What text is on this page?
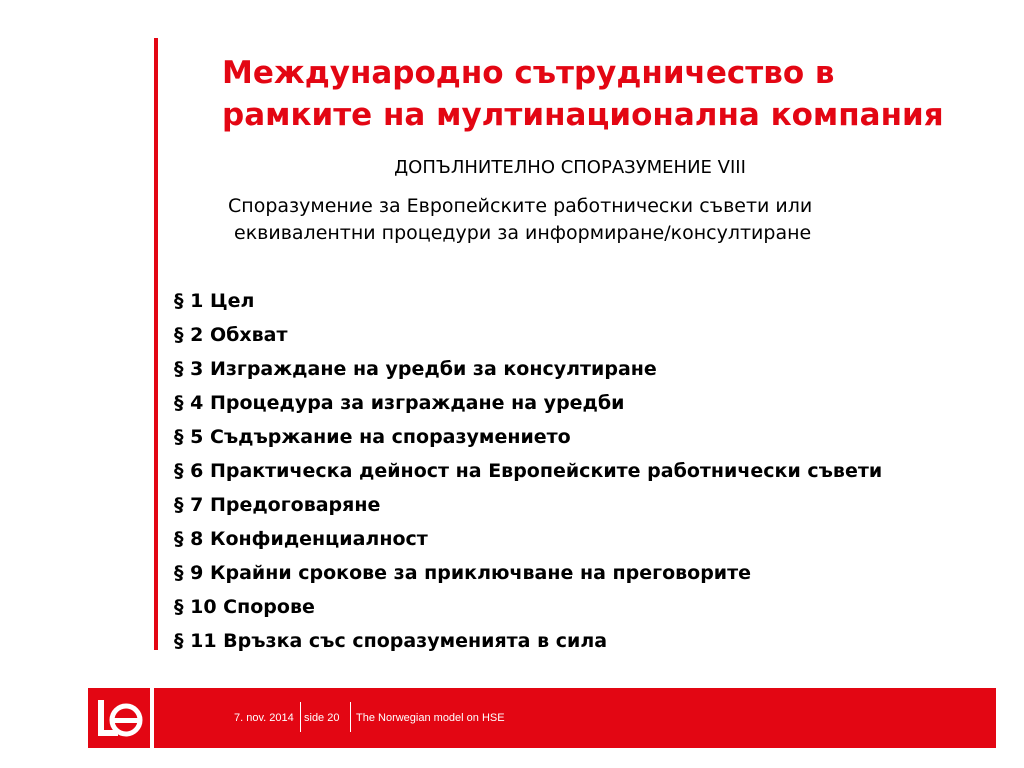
Международно сътрудничество в
рамките на мултинационална компания
ДОПЪЛНИТЕЛНО СПОРАЗУМЕНИЕ VIII
Споразумение за Европейските работнически съвети или
еквивалентни процедури за информиране/консултиране
§ 1 Цел
§ 2 Обхват
§ 3 Изграждане на уредби за консултиране
§ 4 Процедура за изграждане на уредби
§ 5 Съдържание на споразумението
§ 6 Практическа дейност на Европейските работнически съвети
§ 7 Предоговаряне
§ 8 Конфиденциалност
§ 9 Крайни срокове за приключване на преговорите
§ 10 Спорове
§ 11 Връзка със споразуменията в сила
7. nov. 2014 side 20 The Norwegian model on HSE
